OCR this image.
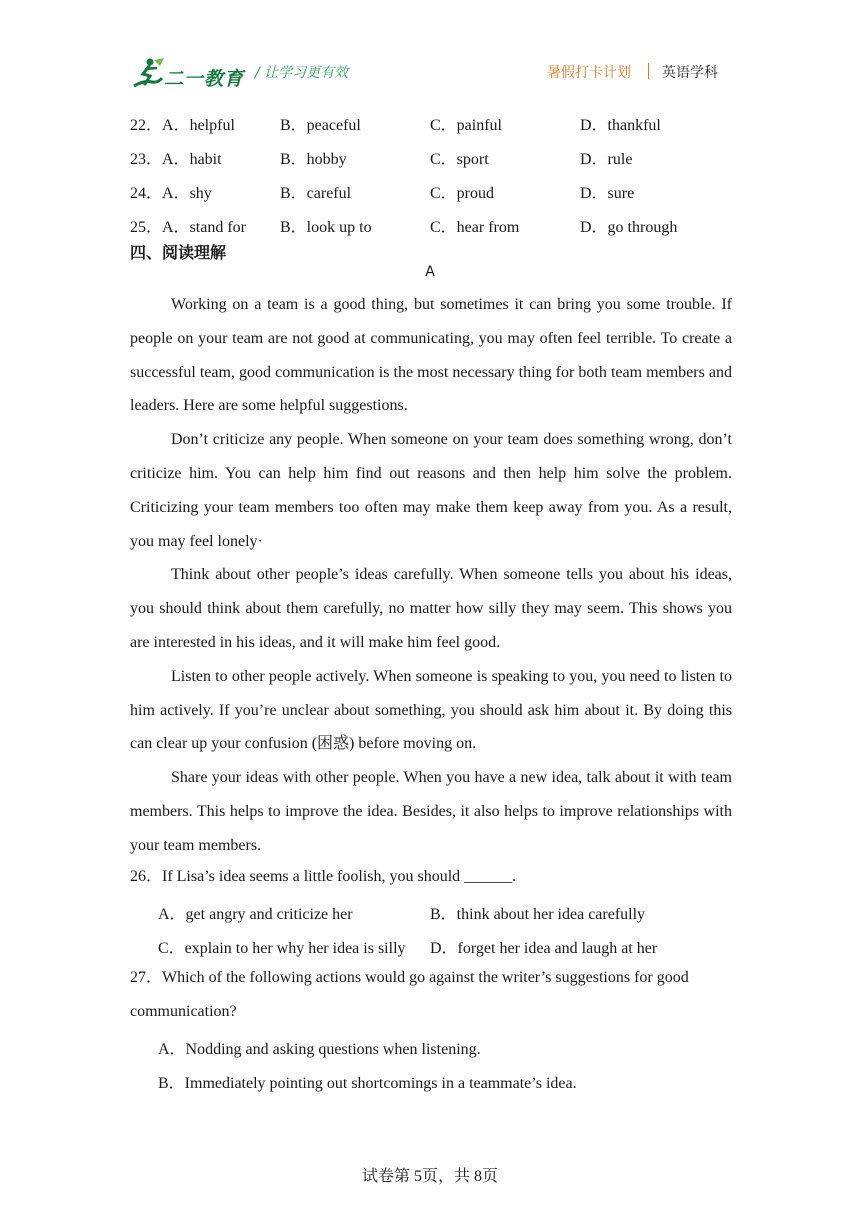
二一教育 / 让学习更有效	暑假打卡计划 英语学科
22．A．helpful	B．peaceful	C．painful	D．thankful
23．A．habit	B．hobby	C．sport	D．rule
24．A．shy	B．careful	C．proud	D．sure
25．A．stand for B．look up to	C．hear from	D．go through
四、阅读理解
A

Working on a team is a good thing, but sometimes it can bring you some trouble. If people on your team are not good at communicating, you may often feel terrible. To create a successful team, good communication is the most necessary thing for both team members and leaders. Here are some helpful suggestions.

Don’t criticize any people. When someone on your team does something wrong, don’t criticize him. You can help him find out reasons and then help him solve the problem. Criticizing your team members too often may make them keep away from you. As a result, you may feel lonely·

Think about other people’s ideas carefully. When someone tells you about his ideas, you should think about them carefully, no matter how silly they may seem. This shows you are interested in his ideas, and it will make him feel good.

Listen to other people actively. When someone is speaking to you, you need to listen to him actively. If you’re unclear about something, you should ask him about it. By doing this can clear up your confusion (困惑) before moving on.

Share your ideas with other people. When you have a new idea, talk about it with team members. This helps to improve the idea. Besides, it also helps to improve relationships with your team members.

26．If Lisa’s idea seems a little foolish, you should ______.
A．get angry and criticize her	B．think about her idea carefully
C．explain to her why her idea is silly D．forget her idea and laugh at her
27．Which of the following actions would go against the writer’s suggestions for good communication?
A．Nodding and asking questions when listening.
B．Immediately pointing out shortcomings in a teammate’s idea.
试卷第 5页，共 8页
